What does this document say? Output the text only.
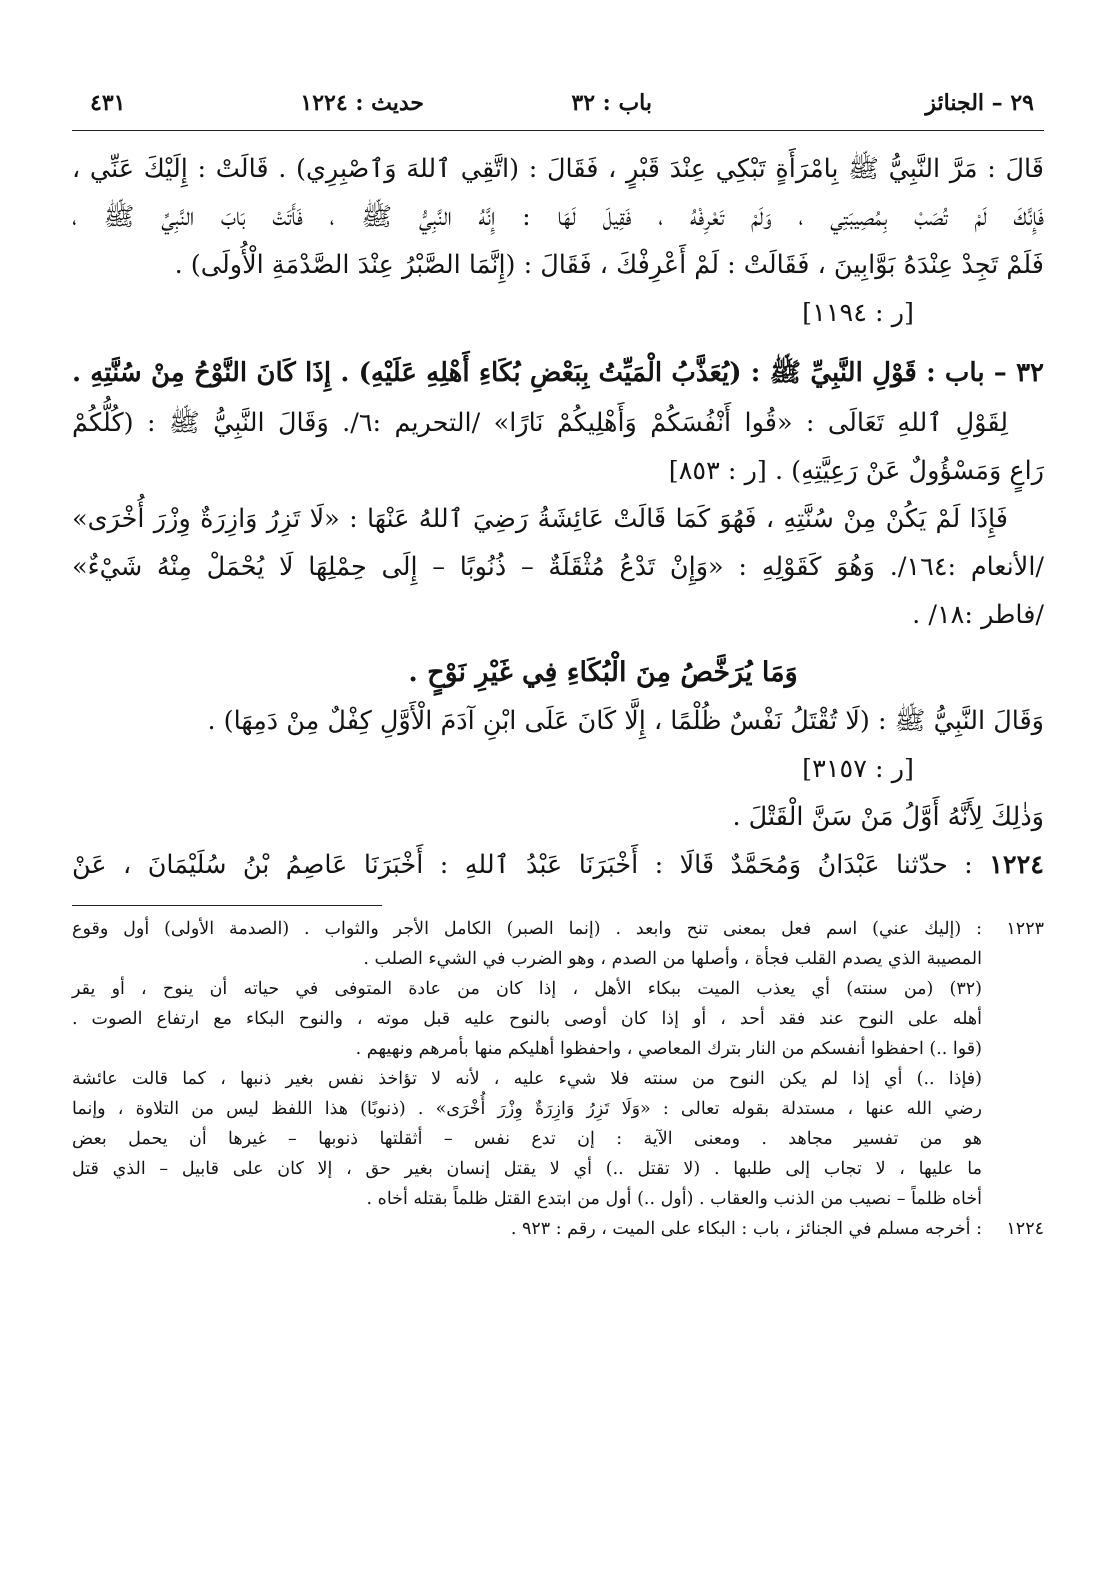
٢٩ – الجنائز
باب : ٣٢
حديث : ١٢٢٤
٤٣١
قَالَ : مَرَّ النَّبِيُّ ﷺ بِامْرَأَةٍ تَبْكِي عِنْدَ قَبْرٍ ، فَقَالَ : (اتَّقِي ٱللهَ وَٱصْبِرِي) . قَالَتْ : إِلَيْكَ عَنِّي ،
فَإِنَّكَ لَمْ تُصَبْ بِمُصِيبَتِي ، وَلَمْ تَعْرِفْهُ ، فَقِيلَ لَهَا : إِنَّهُ النَّبِيُّ ﷺ ، فَأَتَتْ بَابَ النَّبِيِّ ﷺ ،
فَلَمْ تَجِدْ عِنْدَهُ بَوَّابِينَ ، فَقَالَتْ : لَمْ أَعْرِفْكَ ، فَقَالَ : (إِنَّمَا الصَّبْرُ عِنْدَ الصَّدْمَةِ الْأُولَى) .
[ر : ١١٩٤]
٣٢ – باب : قَوْلِ النَّبِيِّ ﷺ : (يُعَذَّبُ الْمَيِّتُ بِبَعْضِ بُكَاءِ أَهْلِهِ عَلَيْهِ) . إِذَا كَانَ النَّوْحُ مِنْ سُنَّتِهِ .
لِقَوْلِ ٱللهِ تَعَالَى : «قُوا أَنْفُسَكُمْ وَأَهْلِيكُمْ نَارًا» /التحريم :٦/. وَقَالَ النَّبِيُّ ﷺ : (كُلُّكُمْ
رَاعٍ وَمَسْؤُولٌ عَنْ رَعِيَّتِهِ) . [ر : ٨٥٣]
فَإِذَا لَمْ يَكُنْ مِنْ سُنَّتِهِ ، فَهُوَ كَمَا قَالَتْ عَائِشَةُ رَضِيَ ٱللهُ عَنْهَا : «لَا تَزِرُ وَازِرَةٌ وِزْرَ أُخْرَى»
/الأنعام :١٦٤/. وَهُوَ كَقَوْلِهِ : «وَإِنْ تَدْعُ مُثْقَلَةٌ – ذُنُوبًا – إِلَى حِمْلِهَا لَا يُحْمَلْ مِنْهُ شَيْءٌ»
/فاطر :١٨/ .
وَمَا يُرَخَّصُ مِنَ الْبُكَاءِ فِي غَيْرِ نَوْحٍ .
وَقَالَ النَّبِيُّ ﷺ : (لَا تُقْتَلُ نَفْسٌ ظُلْمًا ، إِلَّا كَانَ عَلَى ابْنِ آدَمَ الْأَوَّلِ كِفْلٌ مِنْ دَمِهَا) .
[ر : ٣١٥٧]
وَذٰلِكَ لِأَنَّهُ أَوَّلُ مَنْ سَنَّ الْقَتْلَ .
١٢٢٤ : حدّثنا عَبْدَانُ وَمُحَمَّدٌ قَالَا : أَخْبَرَنَا عَبْدُ ٱللهِ : أَخْبَرَنَا عَاصِمُ بْنُ سُلَيْمَانَ ، عَنْ
١٢٢٣
: (إليك عني) اسم فعل بمعنى تنح وابعد . (إنما الصبر) الكامل الأجر والثواب . (الصدمة الأولى) أول وقوع
المصيبة الذي يصدم القلب فجأة ، وأصلها من الصدم ، وهو الضرب في الشيء الصلب .
(٣٢) (من سنته) أي يعذب الميت ببكاء الأهل ، إذا كان من عادة المتوفى في حياته أن ينوح ، أو يقر
أهله على النوح عند فقد أحد ، أو إذا كان أوصى بالنوح عليه قبل موته ، والنوح البكاء مع ارتفاع الصوت .
(قوا ..) احفظوا أنفسكم من النار بترك المعاصي ، واحفظوا أهليكم منها بأمرهم ونهيهم .
(فإذا ..) أي إذا لم يكن النوح من سنته فلا شيء عليه ، لأنه لا تؤاخذ نفس بغير ذنبها ، كما قالت عائشة
رضي الله عنها ، مستدلة بقوله تعالى : «وَلَا تَزِرُ وَازِرَةٌ وِزْرَ أُخْرَى» . (ذنوبًا) هذا اللفظ ليس من التلاوة ، وإنما
هو من تفسير مجاهد . ومعنى الآية : إن تدع نفس – أثقلتها ذنوبها – غيرها أن يحمل بعض
ما عليها ، لا تجاب إلى طلبها . (لا تقتل ..) أي لا يقتل إنسان بغير حق ، إلا كان على قابيل – الذي قتل
أخاه ظلماً – نصيب من الذنب والعقاب . (أول ..) أول من ابتدع القتل ظلماً بقتله أخاه .
١٢٢٤
: أخرجه مسلم في الجنائز ، باب : البكاء على الميت ، رقم : ٩٢٣ .
